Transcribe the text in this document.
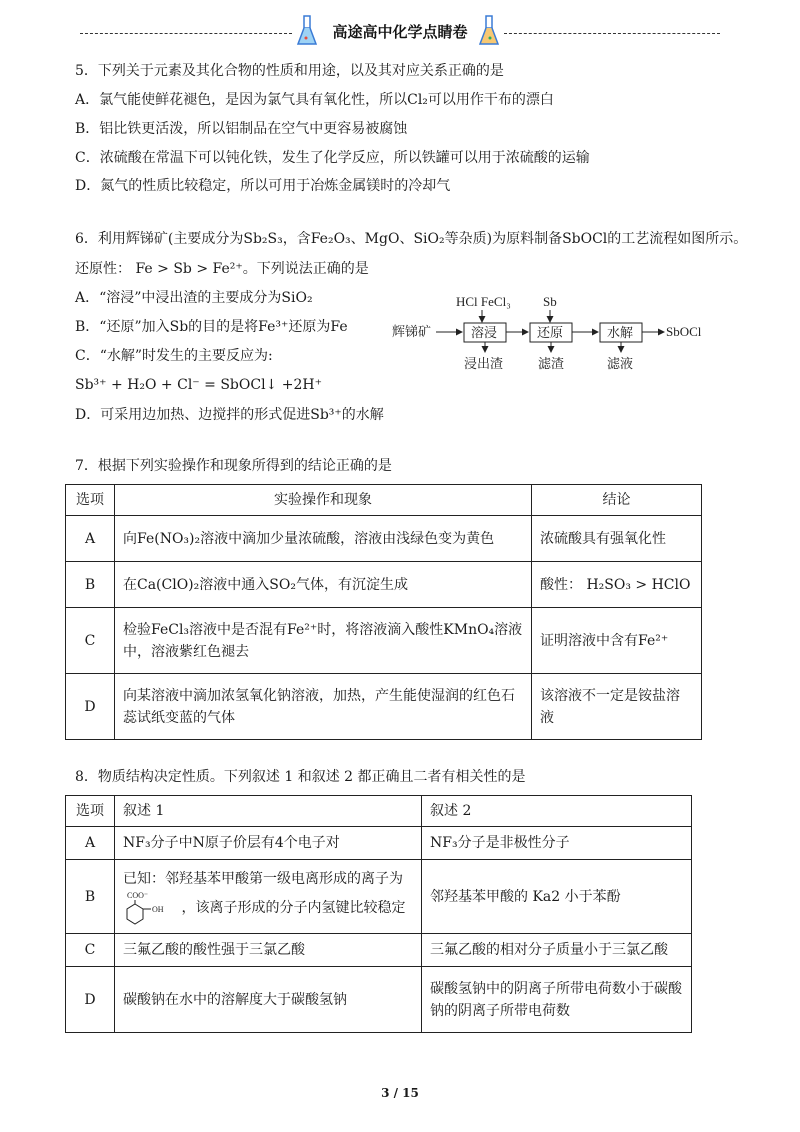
高途高中化学点睛卷
5．下列关于元素及其化合物的性质和用途，以及其对应关系正确的是
A．氯气能使鲜花褪色，是因为氯气具有氧化性，所以Cl₂可以用作干布的漂白
B．铝比铁更活泼，所以铝制品在空气中更容易被腐蚀
C．浓硫酸在常温下可以钝化铁，发生了化学反应，所以铁罐可以用于浓硫酸的运输
D．氮气的性质比较稳定，所以可用于冶炼金属镁时的冷却气
6．利用辉锑矿(主要成分为Sb₂S₃，含Fe₂O₃、MgO、SiO₂等杂质)为原料制备SbOCl的工艺流程如图所示。
还原性： Fe > Sb > Fe²⁺。下列说法正确的是
A．“溶浸”中浸出渣的主要成分为SiO₂
B．“还原”加入Sb的目的是将Fe³⁺还原为Fe
C．“水解”时发生的主要反应为:
Sb³⁺ + H₂O + Cl⁻ = SbOCl↓ +2H⁺
D．可采用边加热、边搅拌的形式促进Sb³⁺的水解
辉锑矿
HCl FeCl₃
溶浸
浸出渣
Sb
还原
滤渣
水解
滤液
SbOCl
7．根据下列实验操作和现象所得到的结论正确的是
选项	实验操作和现象	结论
A	向Fe(NO₃)₂溶液中滴加少量浓硫酸，溶液由浅绿色变为黄色	浓硫酸具有强氧化性
B	在Ca(ClO)₂溶液中通入SO₂气体，有沉淀生成	酸性： H₂SO₃ > HClO
C	检验FeCl₃溶液中是否混有Fe²⁺时，将溶液滴入酸性KMnO₄溶液中，溶液紫红色褪去	证明溶液中含有Fe²⁺
D	向某溶液中滴加浓氢氧化钠溶液，加热，产生能使湿润的红色石蕊试纸变蓝的气体	该溶液不一定是铵盐溶液
8．物质结构决定性质。下列叙述 1 和叙述 2 都正确且二者有相关性的是
选项	叙述 1	叙述 2
A	NF₃分子中N原子价层有4个电子对	NF₃分子是非极性分子
B	已知：邻羟基苯甲酸第一级电离形成的离子为
COO⁻
OH ，该离子形成的分子内氢键比较稳定	邻羟基苯甲酸的 Ka2 小于苯酚
C	三氟乙酸的酸性强于三氯乙酸	三氟乙酸的相对分子质量小于三氯乙酸
D	碳酸钠在水中的溶解度大于碳酸氢钠	碳酸氢钠中的阴离子所带电荷数小于碳酸钠的阴离子所带电荷数
3 / 15
